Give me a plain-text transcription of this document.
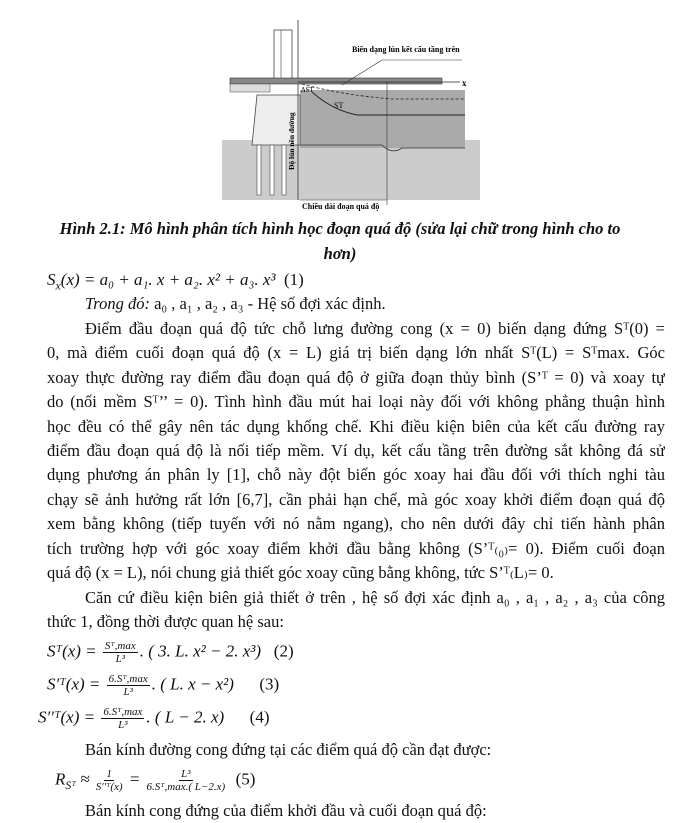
Biến dạng lún kết cấu tầng trên
x
ΔST
ST
Độ lún nền đường
Chiều dài đoạn quá độ
Hình 2.1: Mô hình phân tích hình học đoạn quá độ (sửa lại chữ trong hình cho to
hơn)
$S_x(x) = a_0 + a_1$. x + a₂. x² + a₃. x³ (1)
Trong đó: a₀ , a₁ , a₂ , a₃ - Hệ số đợi xác định.
Điểm đầu đoạn quá độ tức chỗ lưng đường cong (x = 0) biến dạng đứng Sᵀ(0) =
0, mà điểm cuối đoạn quá độ (x = L) giá trị biến dạng lớn nhất Sᵀ(L) = Sᵀmax. Góc
xoay thực đường ray điểm đầu đoạn quá độ ở giữa đoạn thủy bình (S’ᵀ = 0) và xoay tự
do (nối mềm Sᵀ’’ = 0). Tình hình đầu mút hai loại này đối với không phẳng thuận hình
học đều có thể gây nên tác dụng khống chế. Khi điều kiện biên của kết cấu đường ray
điểm đầu đoạn quá độ là nối tiếp mềm. Ví dụ, kết cấu tầng trên đường sắt không đá sử
dụng phương án phân ly [1], chỗ này đột biến góc xoay hai đầu đối với thích nghi tàu
chạy sẽ ảnh hưởng rất lớn [6,7], cần phải hạn chế, mà góc xoay khởi điểm đoạn quá độ
xem bằng không (tiếp tuyến với nó nằm ngang), cho nên dưới đây chỉ tiến hành phân
tích trường hợp với góc xoay điểm khởi đầu bằng không (S’ᵀ₍₀₎= 0). Điểm cuối đoạn
quá độ (x = L), nói chung giả thiết góc xoay cũng bằng không, tức S’ᵀ₍L₎= 0.
Căn cứ điều kiện biên giả thiết ở trên , hệ số đợi xác định a₀ , a₁ , a₂ , a₃ của công
thức 1, đồng thời được quan hệ sau:
Sᵀ(x) = $\frac{\text{Sᵀ,max}}{\text{L³}}$ . ( 3. L. x² − 2. x³) (2)
S′ᵀ(x) = $\frac{\text{6.Sᵀ,max}}{\text{L³}}$ . ( L. x − x²) (3)
S′′ᵀ(x) = $\frac{\text{6.Sᵀ,max}}{\text{L³}}$ . ( L − 2. x) (4)
Bán kính đường cong đứng tại các điểm quá độ cần đạt được:
$R_{Sᵀ} \approx \frac{1}{\text{S′′ᵀ(x)}} = \frac{\text{L³}}{\text{6.Sᵀ,max.( L−2.x)}} (5)$
Bán kính cong đứng của điểm khởi đầu và cuối đoạn quá độ:
